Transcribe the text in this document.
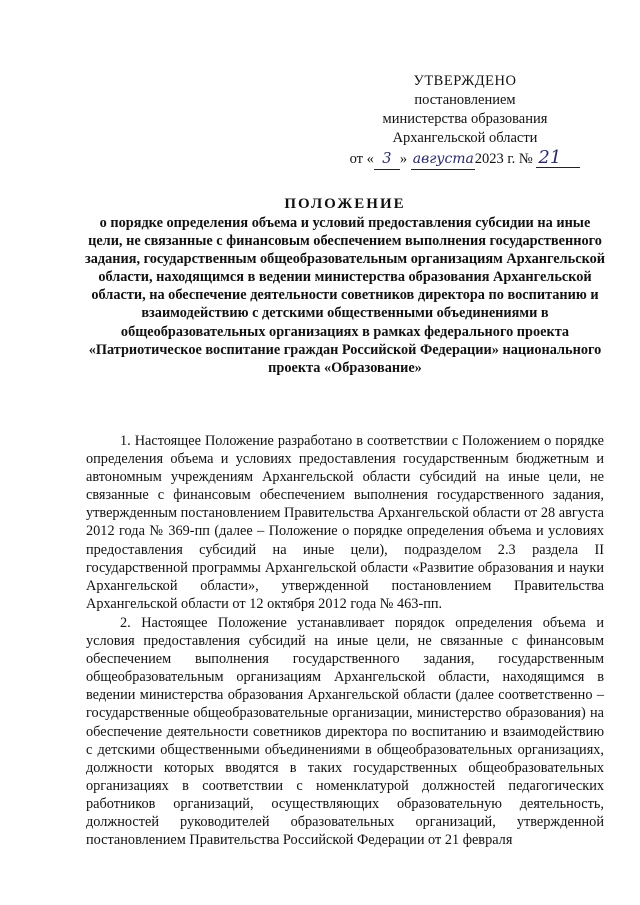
УТВЕРЖДЕНО
постановлением
министерства образования
Архангельской области
от « 3 » августа2023 г. № 21
ПОЛОЖЕНИЕ
о порядке определения объема и условий предоставления субсидии на иные цели, не связанные с финансовым обеспечением выполнения государственного задания, государственным общеобразовательным организациям Архангельской области, находящимся в ведении министерства образования Архангельской области, на обеспечение деятельности советников директора по воспитанию и взаимодействию с детскими общественными объединениями в общеобразовательных организациях в рамках федерального проекта «Патриотическое воспитание граждан Российской Федерации» национального проекта «Образование»

1. Настоящее Положение разработано в соответствии с Положением о порядке определения объема и условиях предоставления государственным бюджетным и автономным учреждениям Архангельской области субсидий на иные цели, не связанные с финансовым обеспечением выполнения государственного задания, утвержденным постановлением Правительства Архангельской области от 28 августа 2012 года № 369-пп (далее – Положение о порядке определения объема и условиях предоставления субсидий на иные цели), подразделом 2.3 раздела II государственной программы Архангельской области «Развитие образования и науки Архангельской области», утвержденной постановлением Правительства Архангельской области от 12 октября 2012 года № 463-пп.

2. Настоящее Положение устанавливает порядок определения объема и условия предоставления субсидий на иные цели, не связанные с финансовым обеспечением выполнения государственного задания, государственным общеобразовательным организациям Архангельской области, находящимся в ведении министерства образования Архангельской области (далее соответственно – государственные общеобразовательные организации, министерство образования) на обеспечение деятельности советников директора по воспитанию и взаимодействию с детскими общественными объединениями в общеобразовательных организациях, должности которых вводятся в таких государственных общеобразовательных организациях в соответствии с номенклатурой должностей педагогических работников организаций, осуществляющих образовательную деятельность, должностей руководителей образовательных организаций, утвержденной постановлением Правительства Российской Федерации от 21 февраля
